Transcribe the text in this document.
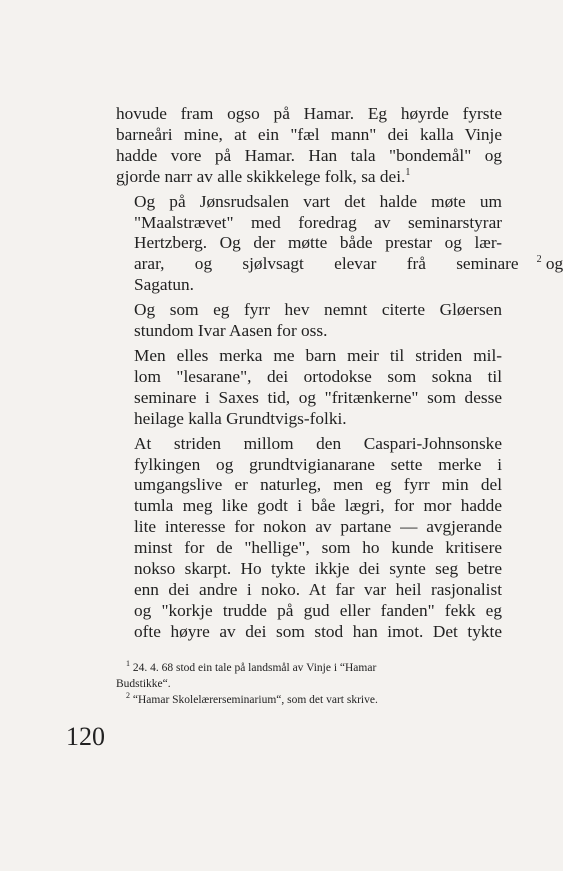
hovude fram ogso på Hamar. Eg høyrde fyrste
barneåri mine, at ein "fæl mann" dei kalla Vinje
hadde vore på Hamar. Han tala "bondemål" og
gjorde narr av alle skikkelege folk, sa dei.$^1$

Og på Jønsrudsalen vart det halde møte um
"Maalstrævet" med foredrag av seminarstyrar
Hertzberg. Og der møtte både prestar og lær-
arar, og sjølvsagt elevar frå seminare	$^2$ og
Sagatun.

Og som eg fyrr hev nemnt citerte Gløersen
stundom Ivar Aasen for oss.

Men elles merka me barn meir til striden mil-
lom "lesarane", dei ortodokse som sokna til
seminare i Saxes tid, og "fritænkerne" som desse
heilage kalla Grundtvigs-folki.

At striden millom den Caspari-Johnsonske
fylkingen og grundtvigianarane sette merke i
umgangslive er naturleg, men eg fyrr min del
tumla meg like godt i båe lægri, for mor hadde
lite interesse for nokon av partane — avgjerande
minst for de "hellige", som ho kunde kritisere
nokso skarpt. Ho tykte ikkje dei synte seg betre
enn dei andre i noko. At far var heil rasjonalist
og "korkje trudde på gud eller fanden" fekk eg
ofte høyre av dei som stod han imot. Det tykte

$^1$ 24. 4. 68 stod ein tale på landsmål av Vinje i “Hamar

Budstikke“.

$^2$ “Hamar Skolelærerseminarium“, som det vart skrive.

120
